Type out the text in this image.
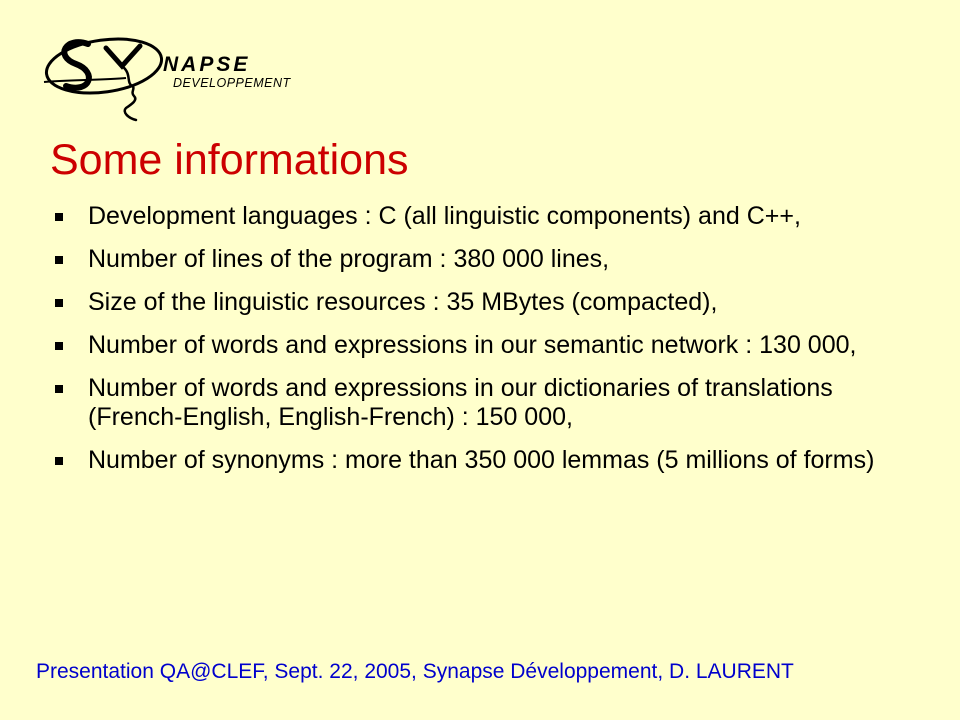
NAPSE
DEVELOPPEMENT
Some informations
Development languages : C (all linguistic components) and C++,
Number of lines of the program : 380 000 lines,
Size of the linguistic resources : 35 MBytes (compacted),
Number of words and expressions in our semantic network : 130 000,
Number of words and expressions in our dictionaries of translations (French-English, English-French) : 150 000,
Number of synonyms : more than 350 000 lemmas (5 millions of forms)
Presentation QA@CLEF, Sept. 22, 2005, Synapse Développement, D. LAURENT
